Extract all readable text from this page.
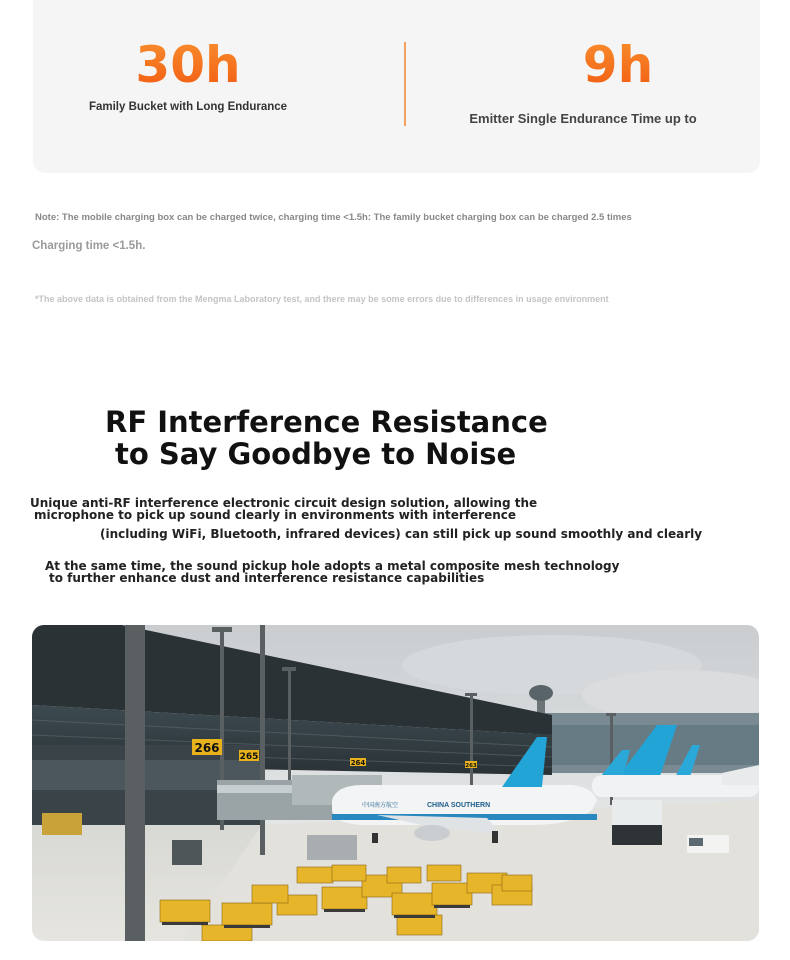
30h
Family Bucket with Long Endurance
9h
Emitter Single Endurance Time up to
Note: The mobile charging box can be charged twice, charging time <1.5h: The family bucket charging box can be charged 2.5 times
Charging time <1.5h.
*The above data is obtained from the Mengma Laboratory test, and there may be some errors due to differences in usage environment
RF Interference Resistance
to Say Goodbye to Noise
Unique anti-RF interference electronic circuit design solution, allowing the
microphone to pick up sound clearly in environments with interference
(including WiFi, Bluetooth, infrared devices) can still pick up sound smoothly and clearly
At the same time, the sound pickup hole adopts a metal composite mesh technology
to further enhance dust and interference resistance capabilities
266
265
264	263
CHINA SOUTHERN
中国南方航空
